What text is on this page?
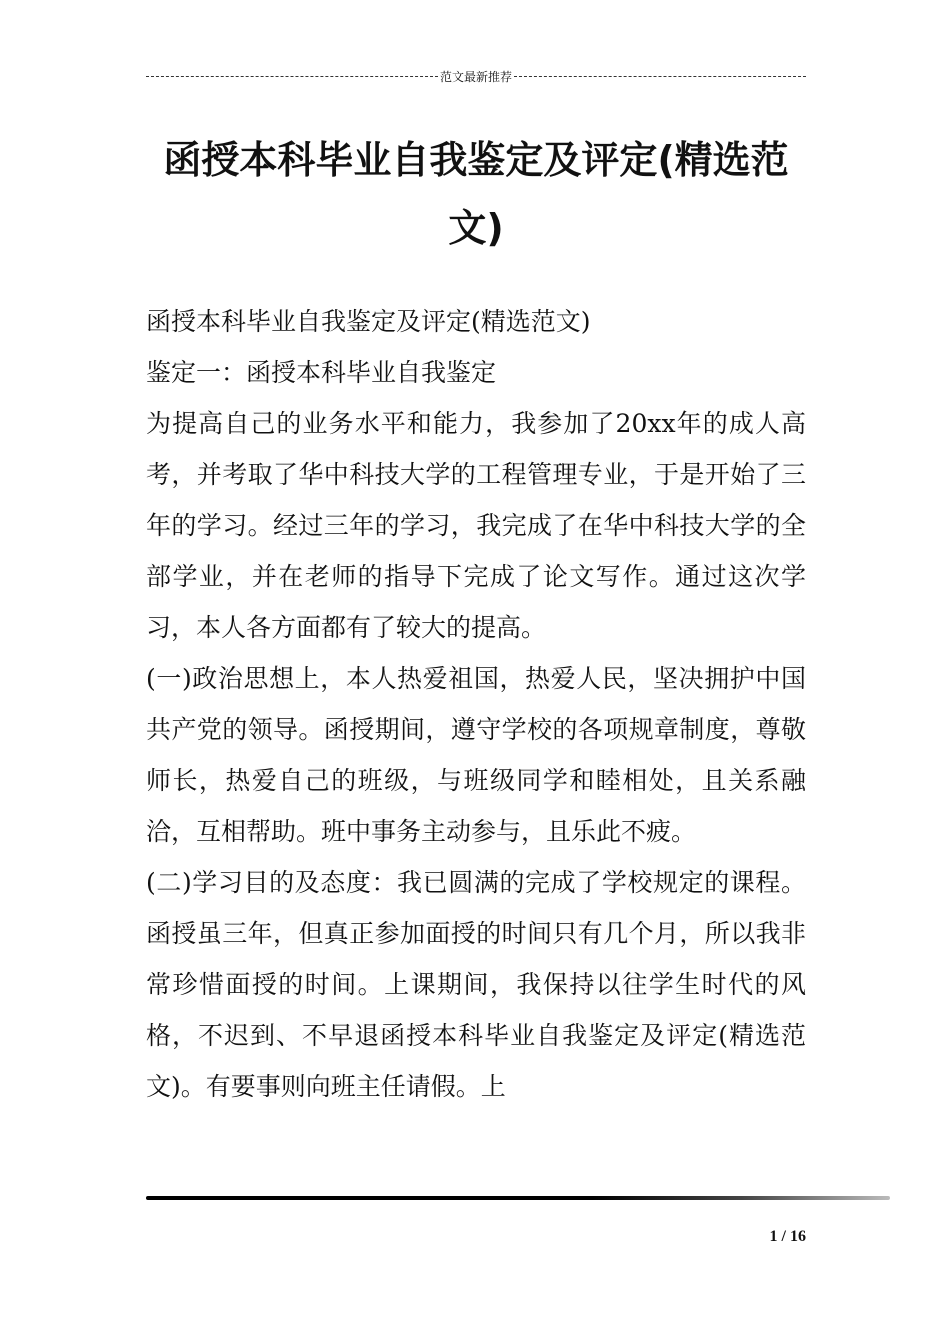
范文最新推荐
函授本科毕业自我鉴定及评定(精选范文)

函授本科毕业自我鉴定及评定(精选范文)

鉴定一：函授本科毕业自我鉴定

为提高自己的业务水平和能力，我参加了20xx年的成人高考，并考取了华中科技大学的工程管理专业，于是开始了三年的学习。经过三年的学习，我完成了在华中科技大学的全部学业，并在老师的指导下完成了论文写作。通过这次学习，本人各方面都有了较大的提高。

(一)政治思想上，本人热爱祖国，热爱人民，坚决拥护中国共产党的领导。函授期间，遵守学校的各项规章制度，尊敬师长，热爱自己的班级，与班级同学和睦相处，且关系融洽，互相帮助。班中事务主动参与，且乐此不疲。

(二)学习目的及态度：我已圆满的完成了学校规定的课程。函授虽三年，但真正参加面授的时间只有几个月，所以我非常珍惜面授的时间。上课期间，我保持以往学生时代的风格，不迟到、不早退函授本科毕业自我鉴定及评定(精选范文)。有要事则向班主任请假。上

1 / 16
